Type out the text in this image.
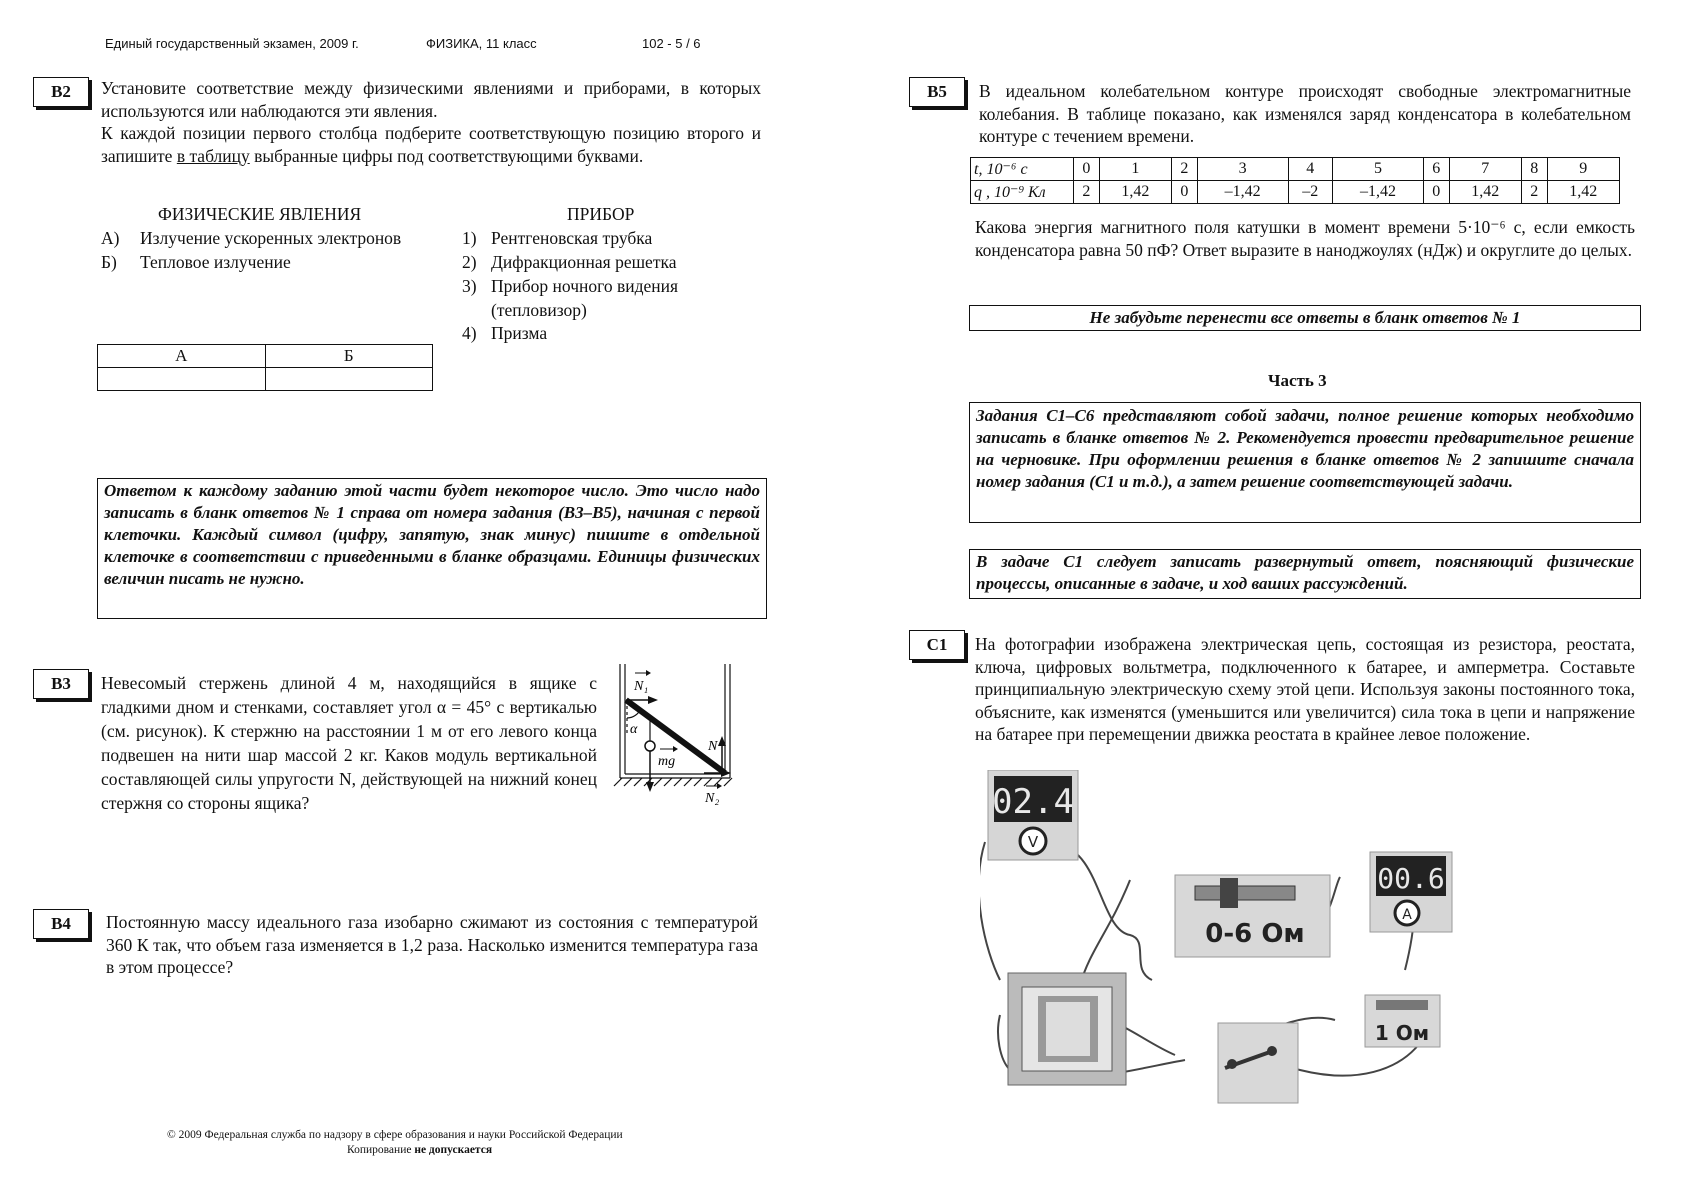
Единый государственный экзамен, 2009 г.	ФИЗИКА, 11 класс	102 - 5 / 6
B2	Установите соответствие между физическими явлениями и приборами, в которых используются или наблюдаются эти явления.
К каждой позиции первого столбца подберите соответствующую позицию второго и запишите в таблицу выбранные цифры под соответствующими буквами.
ФИЗИЧЕСКИЕ ЯВЛЕНИЯ	ПРИБОР
А) Излучение ускоренных электронов
Б) Тепловое излучение
1) Рентгеновская трубка
2) Дифракционная решетка
3) Прибор ночного видения
(тепловизор)
4) Призма
А	Б

Ответом к каждому заданию этой части будет некоторое число. Это число надо записать в бланк ответов № 1 справа от номера задания (В3–В5), начиная с первой клеточки. Каждый символ (цифру, запятую, знак минус) пишите в отдельной клеточке в соответствии с приведенными в бланке образцами. Единицы физических величин писать не нужно.
B3	Невесомый стержень длиной 4 м, находящийся в ящике с гладкими дном и стенками, составляет угол α = 45° с вертикалью (см. рисунок). К стержню на расстоянии 1 м от его левого конца подвешен на нити шар массой 2 кг. Каков модуль вертикальной составляющей силы упругости N, действующей на нижний конец стержня со стороны ящика?
N₁
α
mg
N
N₂
B4	Постоянную массу идеального газа изобарно сжимают из состояния с температурой 360 К так, что объем газа изменяется в 1,2 раза. Насколько изменится температура газа в этом процессе?
© 2009 Федеральная служба по надзору в сфере образования и науки Российской Федерации
Копирование не допускается
B5	В идеальном колебательном контуре происходят свободные электромагнитные колебания. В таблице показано, как изменялся заряд конденсатора в колебательном контуре с течением времени.
t, 10⁻⁶ с	0	1	2	3	4	5	6	7	8	9
q , 10⁻⁹ Кл	2	1,42	0	–1,42	–2	–1,42	0	1,42	2	1,42
Какова энергия магнитного поля катушки в момент времени 5·10⁻⁶ с, если емкость конденсатора равна 50 пФ? Ответ выразите в наноджоулях (нДж) и округлите до целых.
Не забудьте перенести все ответы в бланк ответов № 1
Часть 3
Задания С1–С6 представляют собой задачи, полное решение которых необходимо записать в бланке ответов № 2. Рекомендуется провести предварительное решение на черновике. При оформлении решения в бланке ответов № 2 запишите сначала номер задания (С1 и т.д.), а затем решение соответствующей задачи.
В задаче С1 следует записать развернутый ответ, поясняющий физические процессы, описанные в задаче, и ход ваших рассуждений.
C1	На фотографии изображена электрическая цепь, состоящая из резистора, реостата, ключа, цифровых вольтметра, подключенного к батарее, и амперметра. Составьте принципиальную электрическую схему этой цепи. Используя законы постоянного тока, объясните, как изменятся (уменьшится или увеличится) сила тока в цепи и напряжение на батарее при перемещении движка реостата в крайнее левое положение.
02.4
V
0-6 Ом
00.6
A
1 Ом
